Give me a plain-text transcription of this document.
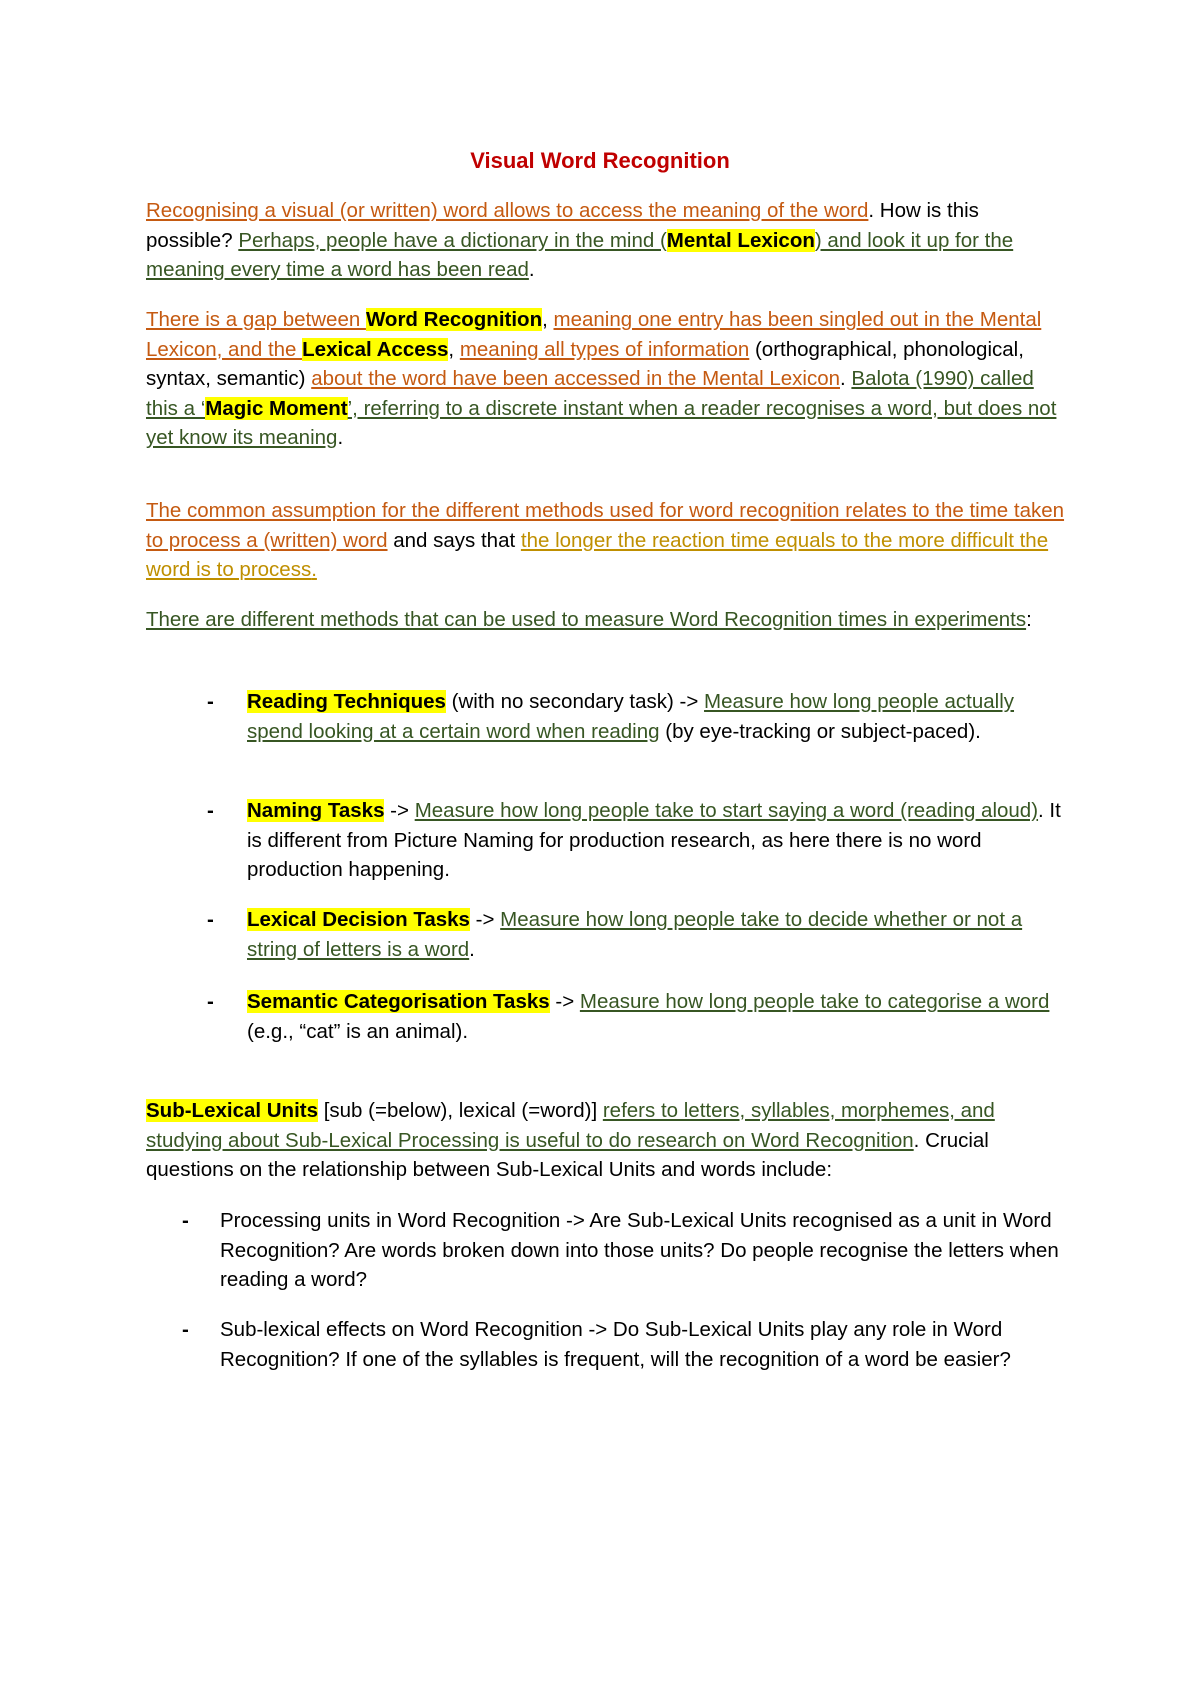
Visual Word Recognition
Recognising a visual (or written) word allows to access the meaning of the word. How is this possible? Perhaps, people have a dictionary in the mind (Mental Lexicon) and look it up for the meaning every time a word has been read.
There is a gap between Word Recognition, meaning one entry has been singled out in the Mental Lexicon, and the Lexical Access, meaning all types of information (orthographical, phonological, syntax, semantic) about the word have been accessed in the Mental Lexicon. Balota (1990) called this a ‘Magic Moment’, referring to a discrete instant when a reader recognises a word, but does not yet know its meaning.
The common assumption for the different methods used for word recognition relates to the time taken to process a (written) word and says that the longer the reaction time equals to the more difficult the word is to process.
There are different methods that can be used to measure Word Recognition times in experiments:
- Reading Techniques (with no secondary task) -> Measure how long people actually spend looking at a certain word when reading (by eye-tracking or subject-paced).
- Naming Tasks -> Measure how long people take to start saying a word (reading aloud). It is different from Picture Naming for production research, as here there is no word production happening.
- Lexical Decision Tasks -> Measure how long people take to decide whether or not a string of letters is a word.
- Semantic Categorisation Tasks -> Measure how long people take to categorise a word (e.g., “cat” is an animal).
Sub-Lexical Units [sub (=below), lexical (=word)] refers to letters, syllables, morphemes, and studying about Sub-Lexical Processing is useful to do research on Word Recognition. Crucial questions on the relationship between Sub-Lexical Units and words include:
- Processing units in Word Recognition -> Are Sub-Lexical Units recognised as a unit in Word Recognition? Are words broken down into those units? Do people recognise the letters when reading a word?
- Sub-lexical effects on Word Recognition -> Do Sub-Lexical Units play any role in Word Recognition? If one of the syllables is frequent, will the recognition of a word be easier?
